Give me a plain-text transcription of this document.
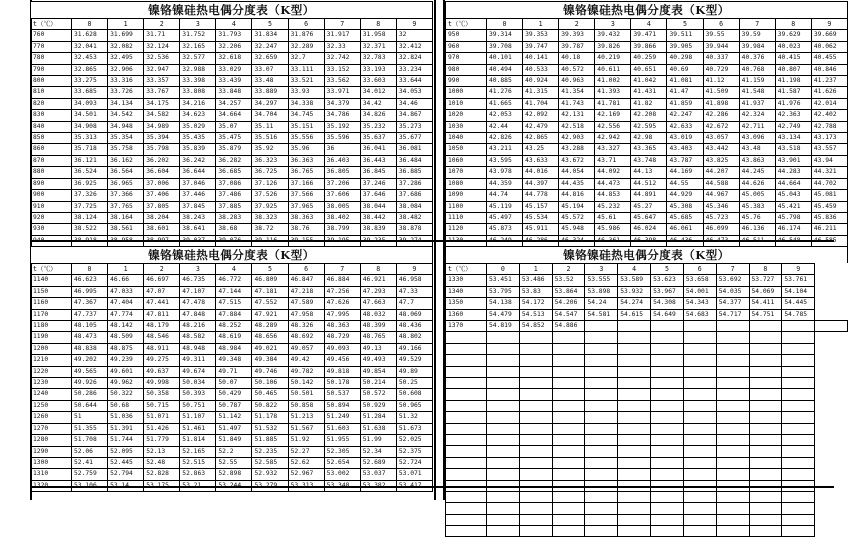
镍铬镍硅热电偶分度表（K型）
t（℃）	0	1	2	3	4	5	6	7	8	9
760	31.628	31.699	31.71	31.752	31.793	31.834	31.876	31.917	31.958	32
770	32.041	32.082	32.124	32.165	32.206	32.247	32.289	32.33	32.371	32.412
780	32.453	32.495	32.536	32.577	32.618	32.659	32.7	32.742	32.783	32.824
790	32.865	32.906	32.947	32.988	33.029	33.07	33.111	33.152	33.193	33.234
800	33.275	33.316	33.357	33.398	33.439	33.48	33.521	33.562	33.603	33.644
810	33.685	33.726	33.767	33.808	33.848	33.889	33.93	33.971	34.012	34.053
820	34.093	34.134	34.175	34.216	34.257	34.297	34.338	34.379	34.42	34.46
830	34.501	34.542	34.582	34.623	34.664	34.704	34.745	34.786	34.826	34.867
840	34.908	34.948	34.989	35.029	35.07	35.11	35.151	35.192	35.232	35.273
850	35.313	35.354	35.394	35.435	35.475	35.516	35.556	35.596	35.637	35.677
860	35.718	35.758	35.798	35.839	35.879	35.92	35.96	36	36.041	36.081
870	36.121	36.162	36.202	36.242	36.282	36.323	36.363	36.403	36.443	36.484
880	36.524	36.564	36.604	36.644	36.685	36.725	36.765	36.805	36.845	36.885
890	36.925	36.965	37.006	37.046	37.086	37.126	37.166	37.206	37.246	37.286
900	37.326	37.366	37.406	37.446	37.486	37.526	37.566	37.606	37.646	37.686
910	37.725	37.765	37.805	37.845	37.885	37.925	37.965	38.005	38.044	38.084
920	38.124	38.164	38.204	38.243	38.283	38.323	38.363	38.402	38.442	38.482
930	38.522	38.561	38.601	38.641	38.68	38.72	38.76	38.799	38.839	38.878
940	38.918	38.958	38.997	39.037	39.076	39.116	39.155	39.195	39.235	39.274
镍铬镍硅热电偶分度表（K型）
t（℃）	0	1	2	3	4	5	6	7	8	9
950	39.314	39.353	39.393	39.432	39.471	39.511	39.55	39.59	39.629	39.669
960	39.708	39.747	39.787	39.826	39.866	39.905	39.944	39.984	40.023	40.062
970	40.101	40.141	40.18	40.219	40.259	40.298	40.337	40.376	40.415	40.455
980	40.494	40.533	40.572	40.611	40.651	40.69	40.729	40.768	40.807	40.846
990	40.885	40.924	40.963	41.002	41.042	41.081	41.12	41.159	41.198	41.237
1000	41.276	41.315	41.354	41.393	41.431	41.47	41.509	41.548	41.587	41.626
1010	41.665	41.704	41.743	41.781	41.82	41.859	41.898	41.937	41.976	42.014
1020	42.053	42.092	42.131	42.169	42.208	42.247	42.286	42.324	42.363	42.402
1030	42.44	42.479	42.518	42.556	42.595	42.633	42.672	42.711	42.749	42.788
1040	42.826	42.865	42.903	42.942	42.98	43.019	43.057	43.096	43.134	43.173
1050	43.211	43.25	43.288	43.327	43.365	43.403	43.442	43.48	43.518	43.557
1060	43.595	43.633	43.672	43.71	43.748	43.787	43.825	43.863	43.901	43.94
1070	43.978	44.016	44.054	44.092	44.13	44.169	44.207	44.245	44.283	44.321
1080	44.359	44.397	44.435	44.473	44.512	44.55	44.588	44.626	44.664	44.702
1090	44.74	44.778	44.816	44.853	44.891	44.929	44.967	45.005	45.043	45.081
1100	45.119	45.157	45.194	45.232	45.27	45.308	45.346	45.383	45.421	45.459
1110	45.497	45.534	45.572	45.61	45.647	45.685	45.723	45.76	45.798	45.836
1120	45.873	45.911	45.948	45.986	46.024	46.061	46.099	46.136	46.174	46.211
1130	46.249	46.286	46.324	46.361	46.398	46.436	46.473	46.511	46.548	46.585
镍铬镍硅热电偶分度表（K型）
t（℃）	0	1	2	3	4	5	6	7	8	9
1140	46.623	46.66	46.697	46.735	46.772	46.809	46.847	46.884	46.921	46.958
1150	46.995	47.033	47.07	47.107	47.144	47.181	47.218	47.256	47.293	47.33
1160	47.367	47.404	47.441	47.478	47.515	47.552	47.589	47.626	47.663	47.7
1170	47.737	47.774	47.811	47.848	47.884	47.921	47.958	47.995	48.032	48.069
1180	48.105	48.142	48.179	48.216	48.252	48.289	48.326	48.363	48.399	48.436
1190	48.473	48.509	48.546	48.582	48.619	48.656	48.692	48.729	48.765	48.802
1200	48.838	48.875	48.911	48.948	48.984	49.021	49.057	49.093	49.13	49.166
1210	49.202	49.239	49.275	49.311	49.348	49.384	49.42	49.456	49.493	49.529
1220	49.565	49.601	49.637	49.674	49.71	49.746	49.782	49.818	49.854	49.89
1230	49.926	49.962	49.998	50.034	50.07	50.106	50.142	50.178	50.214	50.25
1240	50.286	50.322	50.358	50.393	50.429	50.465	50.501	50.537	50.572	50.608
1250	50.644	50.68	50.715	50.751	50.787	50.822	50.858	50.894	50.929	50.965
1260	51	51.036	51.071	51.107	51.142	51.178	51.213	51.249	51.284	51.32
1270	51.355	51.391	51.426	51.461	51.497	51.532	51.567	51.603	51.638	51.673
1280	51.708	51.744	51.779	51.814	51.849	51.885	51.92	51.955	51.99	52.025
1290	52.06	52.095	52.13	52.165	52.2	52.235	52.27	52.305	52.34	52.375
1300	52.41	52.445	52.48	52.515	52.55	52.585	52.62	52.654	52.689	52.724
1310	52.759	52.794	52.828	52.863	52.898	52.932	52.967	53.002	53.037	53.071
1320	53.106	53.14	53.175	53.21	53.244	53.279	53.313	53.348	53.382	53.417
镍铬镍硅热电偶分度表（K型）
t（℃）	0	1	2	3	4	5	6	7	8	9	
1330	53.451	53.486	53.52	53.555	53.589	53.623	53.658	53.692	53.727	53.761	
1340	53.795	53.83	53.864	53.898	53.932	53.967	54.001	54.035	54.069	54.104	
1350	54.138	54.172	54.206	54.24	54.274	54.308	54.343	54.377	54.411	54.445	
1360	54.479	54.513	54.547	54.581	54.615	54.649	54.683	54.717	54.751	54.785	
1370	54.819	54.852	54.886								
